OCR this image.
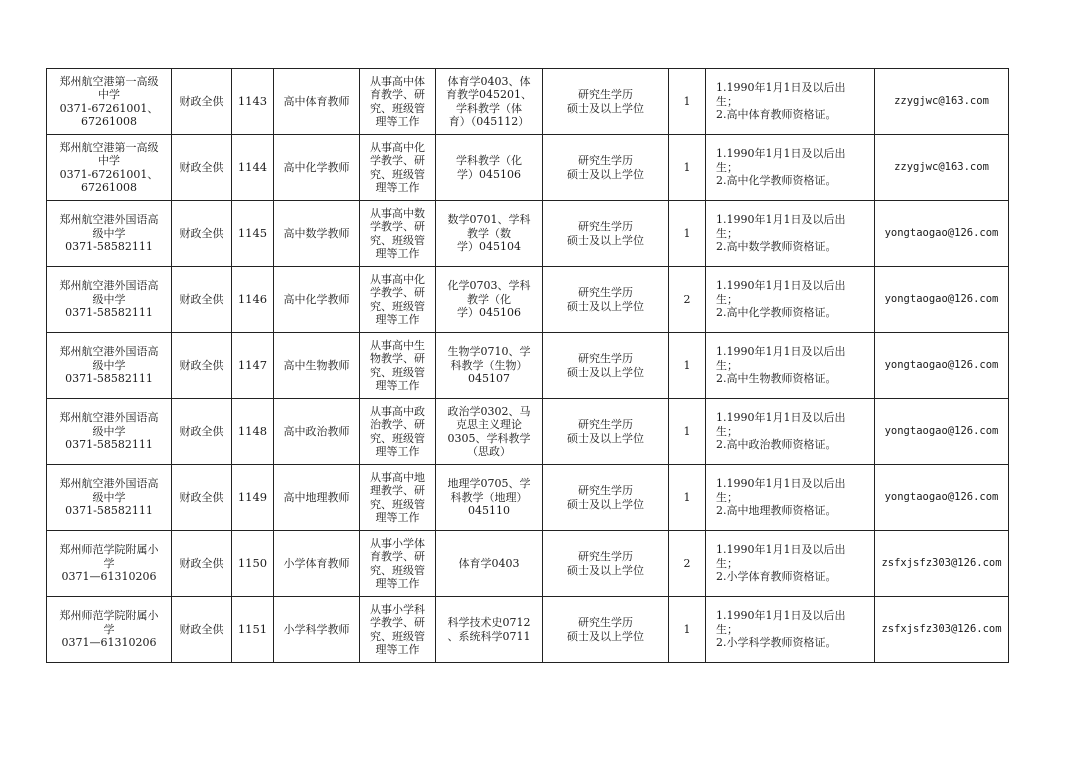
郑州航空港第一高级
中学
0371-67261001、
67261008	财政全供	1143	高中体育教师	从事高中体
育教学、研
究、班级管
理等工作	体育学0403、体
育教学045201、
学科教学（体
育）（045112）	研究生学历
硕士及以上学位	1	1.1990年1月1日及以后出
生；
2.高中体育教师资格证。	zzygjwc@163.com
郑州航空港第一高级
中学
0371-67261001、
67261008	财政全供	1144	高中化学教师	从事高中化
学教学、研
究、班级管
理等工作	学科教学（化
学）045106	研究生学历
硕士及以上学位	1	1.1990年1月1日及以后出
生；
2.高中化学教师资格证。	zzygjwc@163.com
郑州航空港外国语高
级中学
0371-58582111	财政全供	1145	高中数学教师	从事高中数
学教学、研
究、班级管
理等工作	数学0701、学科
教学（数
学）045104	研究生学历
硕士及以上学位	1	1.1990年1月1日及以后出
生；
2.高中数学教师资格证。	yongtaogao@126.com
郑州航空港外国语高
级中学
0371-58582111	财政全供	1146	高中化学教师	从事高中化
学教学、研
究、班级管
理等工作	化学0703、学科
教学（化
学）045106	研究生学历
硕士及以上学位	2	1.1990年1月1日及以后出
生；
2.高中化学教师资格证。	yongtaogao@126.com
郑州航空港外国语高
级中学
0371-58582111	财政全供	1147	高中生物教师	从事高中生
物教学、研
究、班级管
理等工作	生物学0710、学
科教学（生物）
045107	研究生学历
硕士及以上学位	1	1.1990年1月1日及以后出
生；
2.高中生物教师资格证。	yongtaogao@126.com
郑州航空港外国语高
级中学
0371-58582111	财政全供	1148	高中政治教师	从事高中政
治教学、研
究、班级管
理等工作	政治学0302、马
克思主义理论
0305、学科教学
（思政）	研究生学历
硕士及以上学位	1	1.1990年1月1日及以后出
生；
2.高中政治教师资格证。	yongtaogao@126.com
郑州航空港外国语高
级中学
0371-58582111	财政全供	1149	高中地理教师	从事高中地
理教学、研
究、班级管
理等工作	地理学0705、学
科教学（地理）
045110	研究生学历
硕士及以上学位	1	1.1990年1月1日及以后出
生；
2.高中地理教师资格证。	yongtaogao@126.com
郑州师范学院附属小
学
0371—61310206	财政全供	1150	小学体育教师	从事小学体
育教学、研
究、班级管
理等工作	体育学0403	研究生学历
硕士及以上学位	2	1.1990年1月1日及以后出
生；
2.小学体育教师资格证。	zsfxjsfz303@126.com
郑州师范学院附属小
学
0371—61310206	财政全供	1151	小学科学教师	从事小学科
学教学、研
究、班级管
理等工作	科学技术史0712
、系统科学0711	研究生学历
硕士及以上学位	1	1.1990年1月1日及以后出
生；
2.小学科学教师资格证。	zsfxjsfz303@126.com
